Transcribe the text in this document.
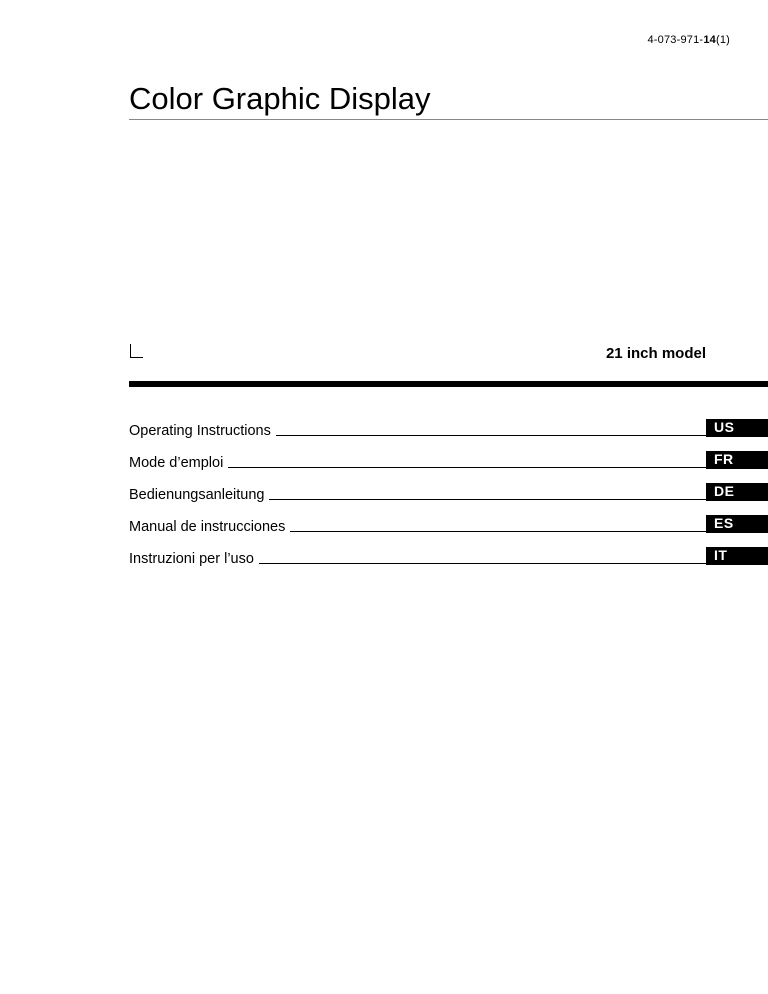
4-073-971-14(1)
Color Graphic Display
21 inch model
Operating Instructions	US
Mode d’emploi	FR
Bedienungsanleitung	DE
Manual de instrucciones	ES
Instruzioni per l’uso	IT
